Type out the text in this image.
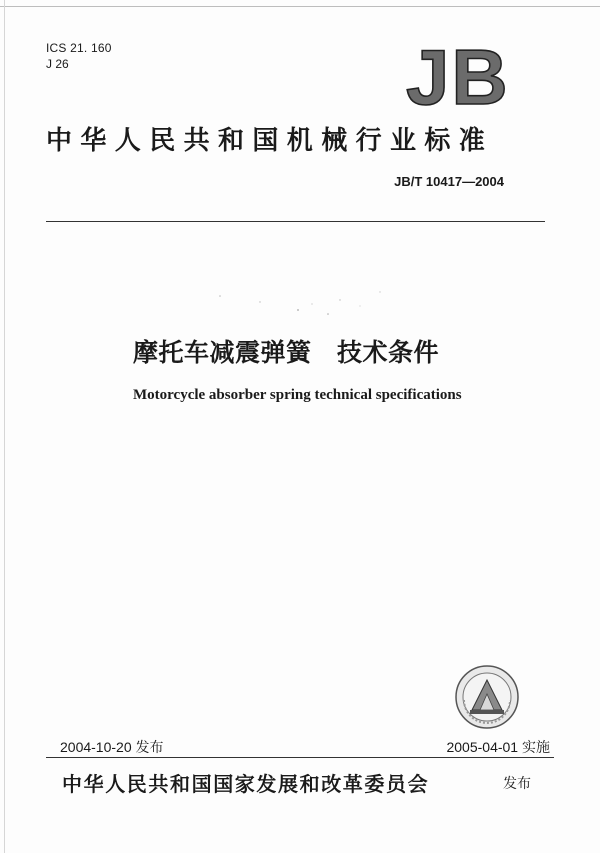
ICS 21. 160
J 26	JB
中华人民共和国机械行业标准
JB/T 10417—2004
摩托车减震弹簧　技术条件
Motorcycle absorber spring technical specifications
2004-10-20 发布	2005-04-01 实施
中华人民共和国国家发展和改革委员会	发布
